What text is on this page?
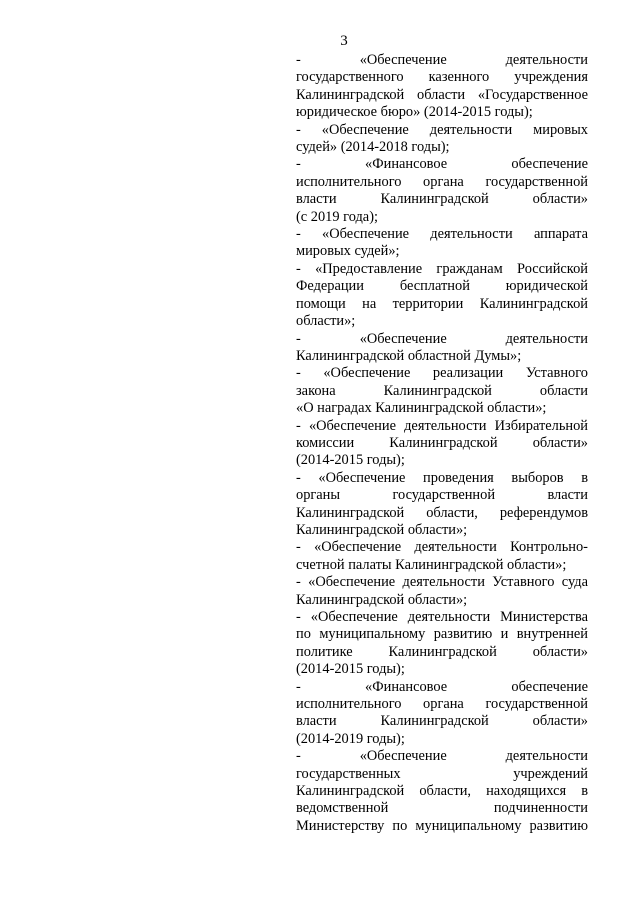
3

-	«Обеспечение	деятельности

государственного казенного учреждения

Калининградской области «Государственное

юридическое бюро» (2014-2015 годы);

- «Обеспечение деятельности мировых

судей» (2014-2018 годы);

-	«Финансовое	обеспечение

исполнительного органа государственной

власти	Калининградской	области»

(с 2019 года);

- «Обеспечение деятельности аппарата

мировых судей»;

- «Предоставление гражданам Российской

Федерации бесплатной юридической

помощи на территории Калининградской

области»;

-	«Обеспечение	деятельности

Калининградской областной Думы»;

- «Обеспечение реализации Уставного

закона	Калининградской	области

«О наградах Калининградской области»;

- «Обеспечение деятельности Избирательной

комиссии Калининградской области»

(2014-2015 годы);

- «Обеспечение проведения выборов в

органы	государственной	власти

Калининградской области, референдумов

Калининградской области»;

- «Обеспечение деятельности Контрольно-

счетной палаты Калининградской области»;

- «Обеспечение деятельности Уставного суда

Калининградской области»;

- «Обеспечение деятельности Министерства

по муниципальному развитию и внутренней

политике Калининградской области»

(2014-2015 годы);

-	«Финансовое	обеспечение

исполнительного органа государственной

власти	Калининградской	области»

(2014-2019 годы);

-	«Обеспечение	деятельности

государственных	учреждений

Калининградской области, находящихся в

ведомственной	подчиненности

Министерству по муниципальному развитию
